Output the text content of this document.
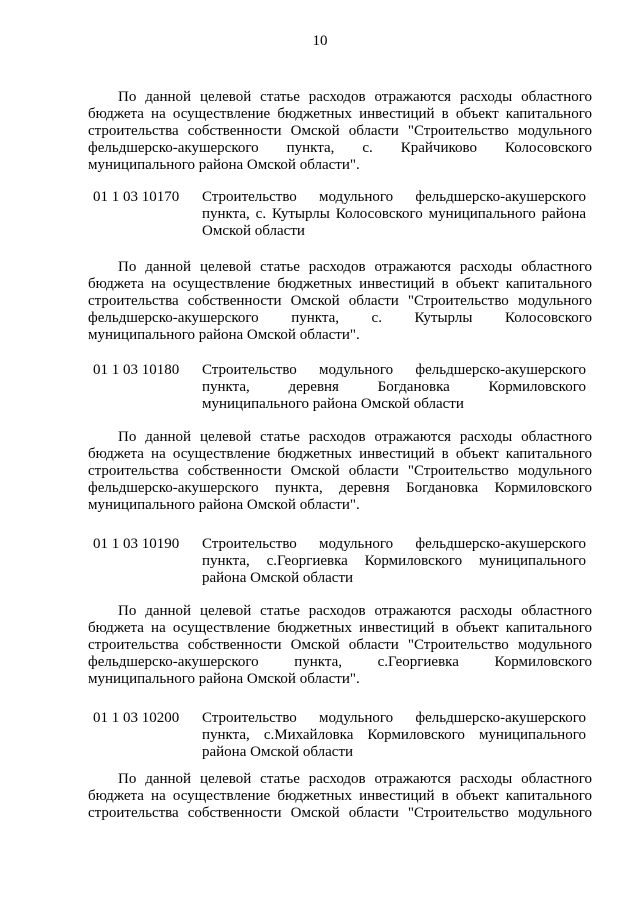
10
По данной целевой статье расходов отражаются расходы областного
бюджета на осуществление бюджетных инвестиций в объект капитального
строительства собственности Омской области "Строительство модульного
фельдшерско-акушерского пункта, с. Крайчиково Колосовского
муниципального района Омской области".
01 1 03 10170 Строительство модульного фельдшерско-акушерского
пункта, с. Кутырлы Колосовского муниципального района
Омской области
По данной целевой статье расходов отражаются расходы областного
бюджета на осуществление бюджетных инвестиций в объект капитального
строительства собственности Омской области "Строительство модульного
фельдшерско-акушерского пункта, с. Кутырлы Колосовского
муниципального района Омской области".
01 1 03 10180 Строительство модульного фельдшерско-акушерского
пункта, деревня Богдановка Кормиловского
муниципального района Омской области
По данной целевой статье расходов отражаются расходы областного
бюджета на осуществление бюджетных инвестиций в объект капитального
строительства собственности Омской области "Строительство модульного
фельдшерско-акушерского пункта, деревня Богдановка Кормиловского
муниципального района Омской области".
01 1 03 10190 Строительство модульного фельдшерско-акушерского
пункта, с.Георгиевка Кормиловского муниципального
района Омской области
По данной целевой статье расходов отражаются расходы областного
бюджета на осуществление бюджетных инвестиций в объект капитального
строительства собственности Омской области "Строительство модульного
фельдшерско-акушерского пункта, с.Георгиевка Кормиловского
муниципального района Омской области".
01 1 03 10200 Строительство модульного фельдшерско-акушерского
пункта, с.Михайловка Кормиловского муниципального
района Омской области
По данной целевой статье расходов отражаются расходы областного
бюджета на осуществление бюджетных инвестиций в объект капитального
строительства собственности Омской области "Строительство модульного
